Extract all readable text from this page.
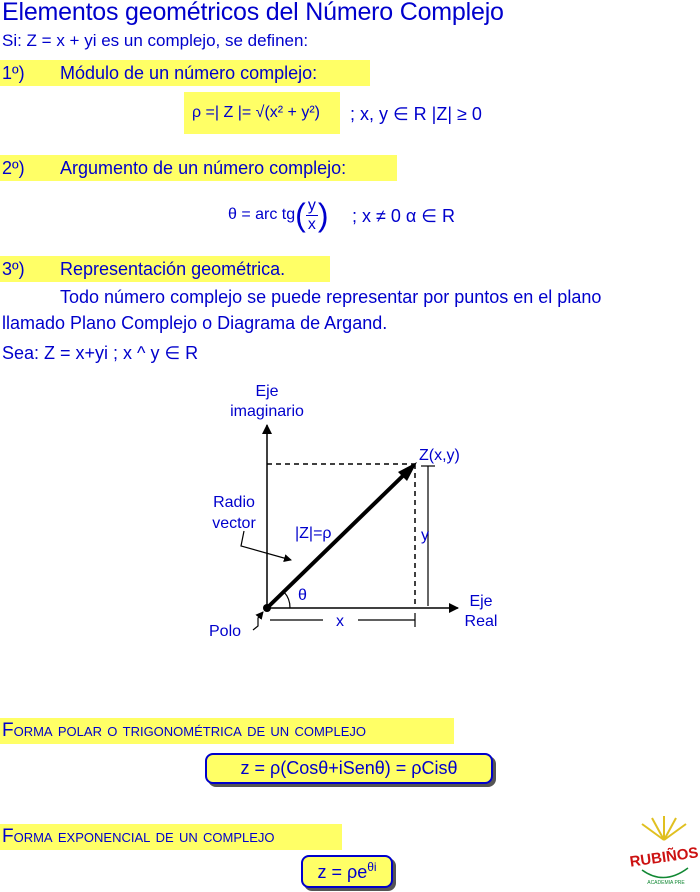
Elementos geométricos del Número Complejo
Si: Z = x + yi es un complejo, se definen:
1º) Módulo de un número complejo:
ρ =| Z |= √(x² + y²)	; x, y ∈ R |Z| ≥ 0
2º) Argumento de un número complejo:
θ = arc tg ( $\frac{y}{x}$ ) ; x ≠ 0 α ∈ R
3º) Representación geométrica.
Todo número complejo se puede representar por puntos en el plano
llamado Plano Complejo o Diagrama de Argand.
Sea: Z = x+yi ; x ^ y ∈ R
Eje
imaginario
Z(x,y)
Radio
vector
|Z|=ρ	y
θ
x
Eje
Real
Polo
Forma polar o trigonométrica de un complejo
z = ρ(Cosθ+iSenθ) = ρCisθ
Forma exponencial de un complejo
$z = \rho e^{\theta i}$	RUBIÑOS
ACADEMIA PRE
